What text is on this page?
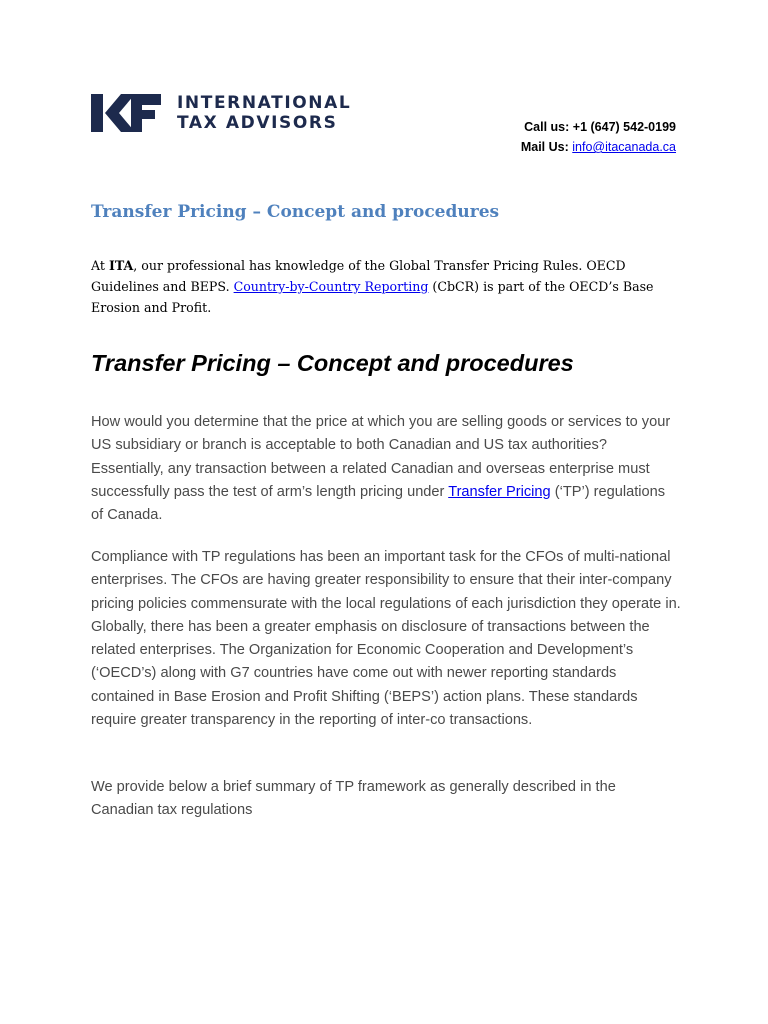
INTERNATIONAL
TAX ADVISORS	Call us: +1 (647) 542-0199
Mail Us: info@itacanada.ca
Transfer Pricing – Concept and procedures

At ITA, our professional has knowledge of the Global Transfer Pricing Rules. OECD Guidelines and BEPS. Country-by-Country Reporting (CbCR) is part of the OECD’s Base Erosion and Profit.

Transfer Pricing – Concept and procedures

How would you determine that the price at which you are selling goods or services to your US subsidiary or branch is acceptable to both Canadian and US tax authorities? Essentially, any transaction between a related Canadian and overseas enterprise must successfully pass the test of arm’s length pricing under Transfer Pricing (‘TP’) regulations of Canada.

Compliance with TP regulations has been an important task for the CFOs of multi-national enterprises. The CFOs are having greater responsibility to ensure that their inter-company pricing policies commensurate with the local regulations of each jurisdiction they operate in. Globally, there has been a greater emphasis on disclosure of transactions between the related enterprises. The Organization for Economic Cooperation and Development’s (‘OECD’s) along with G7 countries have come out with newer reporting standards contained in Base Erosion and Profit Shifting (‘BEPS’) action plans. These standards require greater transparency in the reporting of inter-co transactions.

We provide below a brief summary of TP framework as generally described in the Canadian tax regulations
